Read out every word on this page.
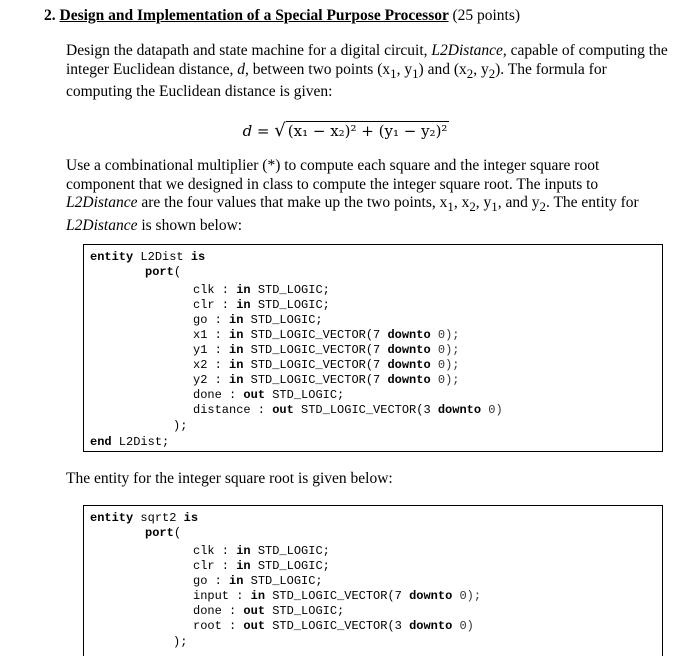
2. Design and Implementation of a Special Purpose Processor (25 points)

Design the datapath and state machine for a digital circuit, L2Distance, capable of computing the integer Euclidean distance, d, between two points ($x_1$, $y_1$) and ($x_2$, $y_2$). The formula for computing the Euclidean distance is given:

d = √ (x₁ − x₂)² + (y₁ − y₂)²

Use a combinational multiplier (*) to compute each square and the integer square root component that we designed in class to compute the integer square root. The inputs to L2Distance are the four values that make up the two points, $x_1$, $x_2$, $y_1$, and $y_2$. The entity for L2Distance is shown below:

entity L2Dist is
port(
clk : in STD_LOGIC;
clr : in STD_LOGIC;
go : in STD_LOGIC;
x1 : in STD_LOGIC_VECTOR(7 downto 0);
y1 : in STD_LOGIC_VECTOR(7 downto 0);
x2 : in STD_LOGIC_VECTOR(7 downto 0);
y2 : in STD_LOGIC_VECTOR(7 downto 0);
done : out STD_LOGIC;
distance : out STD_LOGIC_VECTOR(3 downto 0)
);
end L2Dist;

The entity for the integer square root is given below:

entity sqrt2 is
port(
clk : in STD_LOGIC;
clr : in STD_LOGIC;
go : in STD_LOGIC;
input : in STD_LOGIC_VECTOR(7 downto 0);
done : out STD_LOGIC;
root : out STD_LOGIC_VECTOR(3 downto 0)
);
